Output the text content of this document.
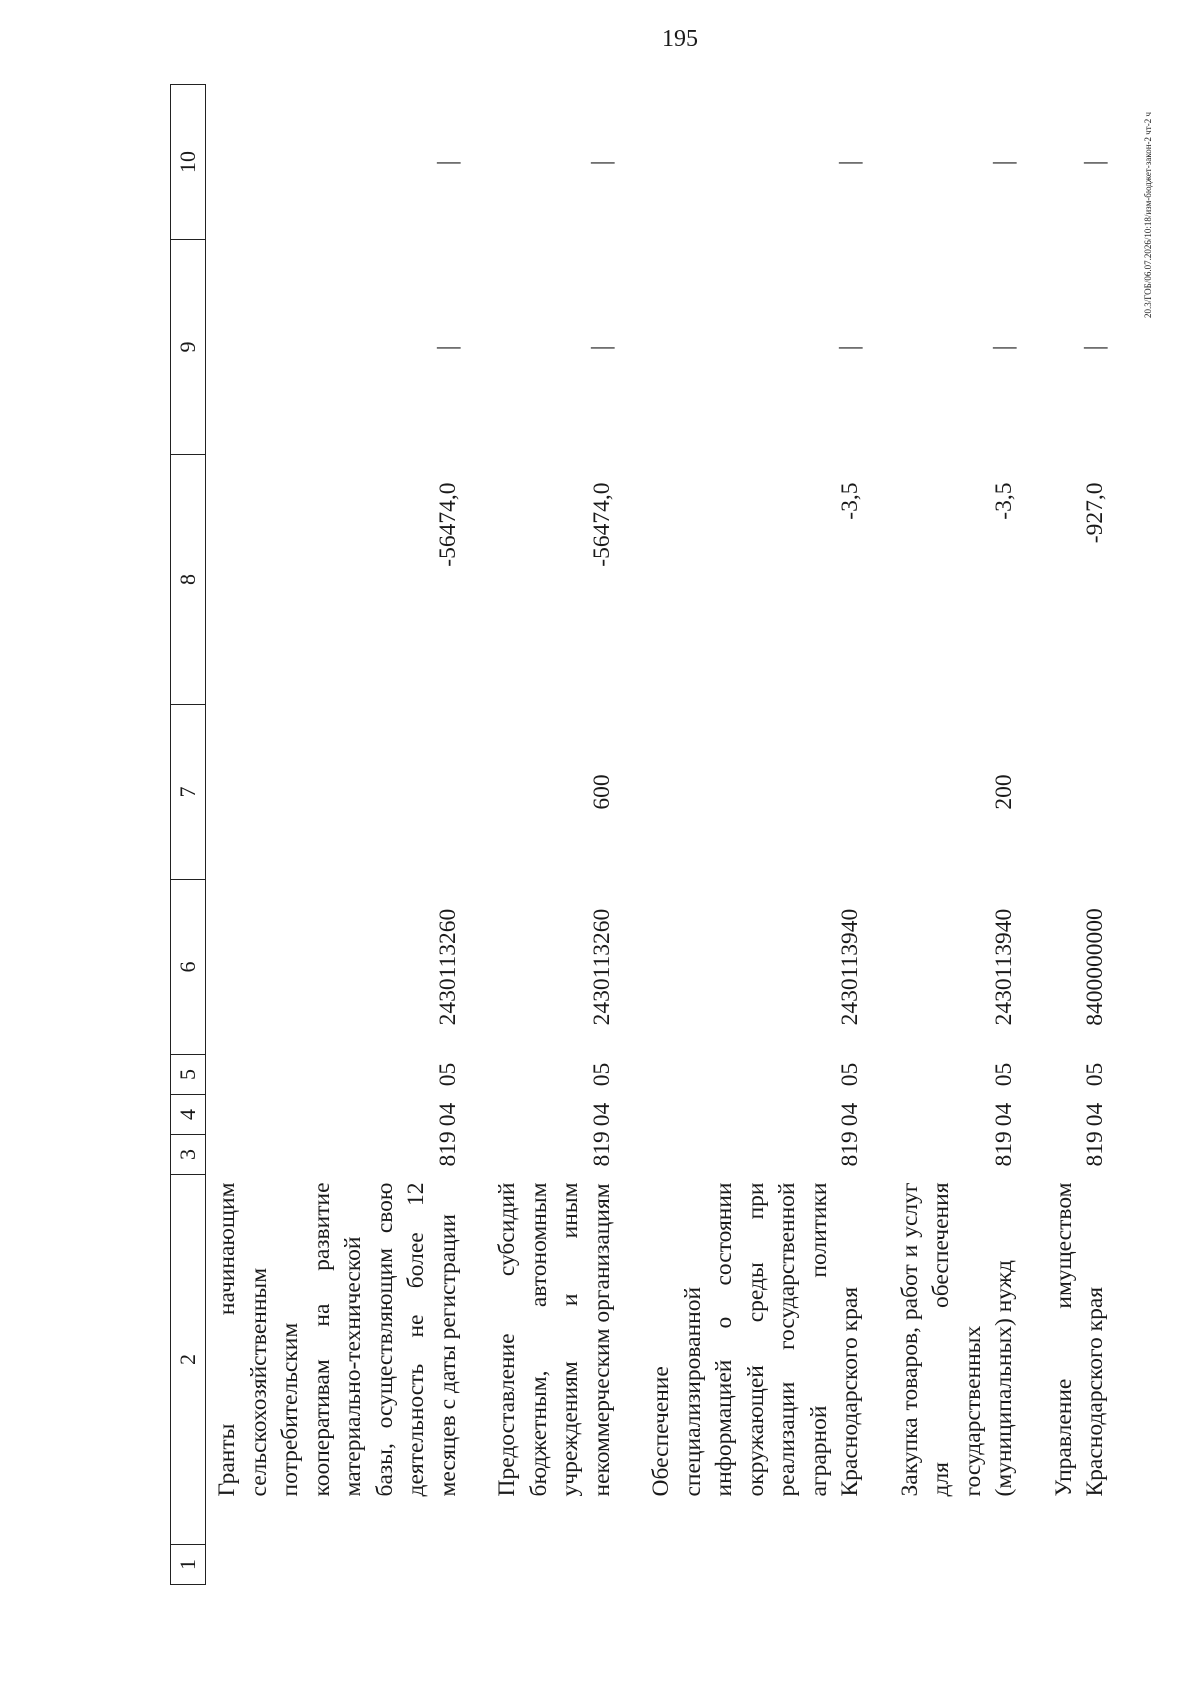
195
20.3/ГОБ/06.07.2026/10:18/изм-бюджет-закон-2 чт-2 ч
1	2	3	4	5	6	7	8	9	10
	Гранты начинающим сельскохозяйственным потребительским кооперативам на развитие материально-технической базы, осуществляющим свою деятельность не более 12 месяцев с даты регистрации	819	04	05	2430113260		-56474,0	—	—
	Предоставление субсидий бюджетным, автономным учреждениям и иным некоммерческим организациям	819	04	05	2430113260	600	-56474,0	—	—
	Обеспечение специализированной информацией о состоянии окружающей среды при реализации государственной аграрной политики Краснодарского края	819	04	05	2430113940		-3,5	—	—
	Закупка товаров, работ и услуг для обеспечения государственных (муниципальных) нужд	819	04	05	2430113940	200	-3,5	—	—
	Управление имуществом Краснодарского края	819	04	05	8400000000		-927,0	—	—
